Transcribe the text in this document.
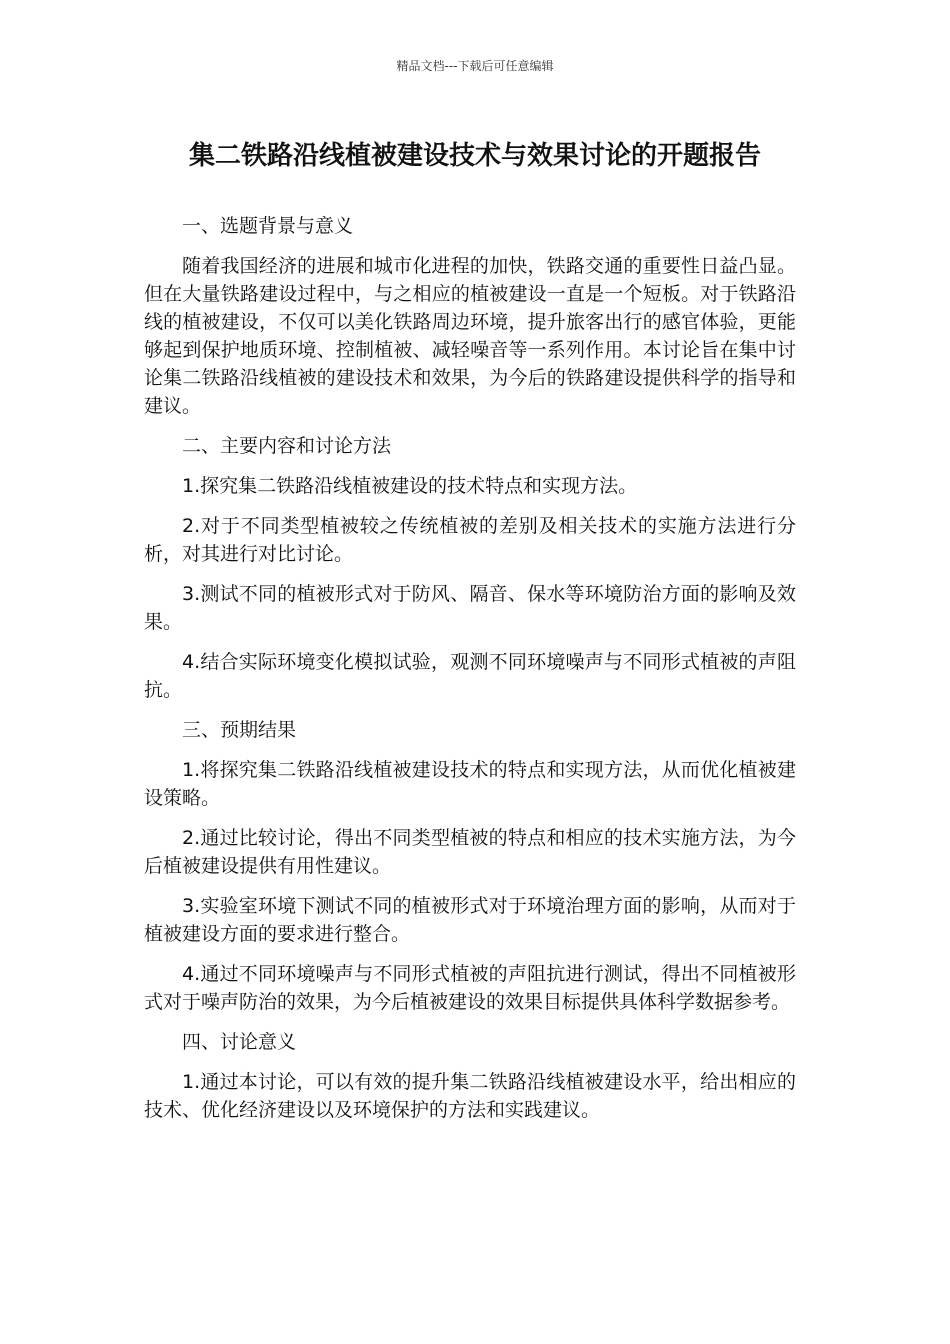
精品文档---下载后可任意编辑
集二铁路沿线植被建设技术与效果讨论的开题报告

一、选题背景与意义

随着我国经济的进展和城市化进程的加快，铁路交通的重要性日益凸显。但在大量铁路建设过程中，与之相应的植被建设一直是一个短板。对于铁路沿线的植被建设，不仅可以美化铁路周边环境，提升旅客出行的感官体验，更能够起到保护地质环境、控制植被、减轻噪音等一系列作用。本讨论旨在集中讨论集二铁路沿线植被的建设技术和效果，为今后的铁路建设提供科学的指导和建议。

二、主要内容和讨论方法

1.探究集二铁路沿线植被建设的技术特点和实现方法。

2.对于不同类型植被较之传统植被的差别及相关技术的实施方法进行分析，对其进行对比讨论。

3.测试不同的植被形式对于防风、隔音、保水等环境防治方面的影响及效果。

4.结合实际环境变化模拟试验，观测不同环境噪声与不同形式植被的声阻抗。

三、预期结果

1.将探究集二铁路沿线植被建设技术的特点和实现方法，从而优化植被建设策略。

2.通过比较讨论，得出不同类型植被的特点和相应的技术实施方法，为今后植被建设提供有用性建议。

3.实验室环境下测试不同的植被形式对于环境治理方面的影响，从而对于植被建设方面的要求进行整合。

4.通过不同环境噪声与不同形式植被的声阻抗进行测试，得出不同植被形式对于噪声防治的效果，为今后植被建设的效果目标提供具体科学数据参考。

四、讨论意义

1.通过本讨论，可以有效的提升集二铁路沿线植被建设水平，给出相应的技术、优化经济建设以及环境保护的方法和实践建议。
